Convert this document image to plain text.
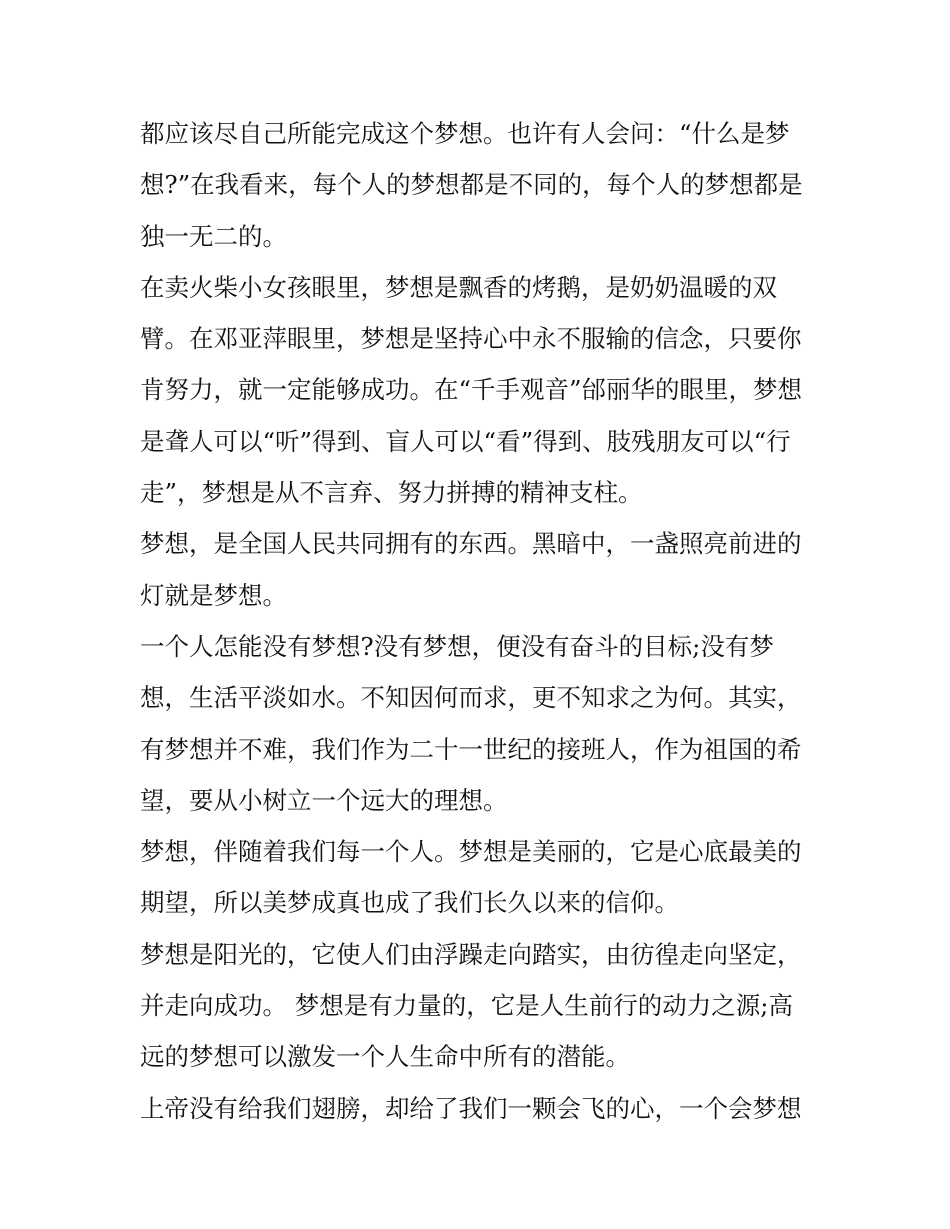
都应该尽自己所能完成这个梦想。也许有人会问：“什么是梦
想?”在我看来，每个人的梦想都是不同的，每个人的梦想都是
独一无二的。

在卖火柴小女孩眼里，梦想是飘香的烤鹅，是奶奶温暖的双
臂。在邓亚萍眼里，梦想是坚持心中永不服输的信念，只要你
肯努力，就一定能够成功。在“千手观音”邰丽华的眼里，梦想
是聋人可以“听”得到、盲人可以“看”得到、肢残朋友可以“行
走”，梦想是从不言弃、努力拼搏的精神支柱。

梦想，是全国人民共同拥有的东西。黑暗中，一盏照亮前进的
灯就是梦想。

一个人怎能没有梦想?没有梦想，便没有奋斗的目标;没有梦
想，生活平淡如水。不知因何而求，更不知求之为何。其实，
有梦想并不难，我们作为二十一世纪的接班人，作为祖国的希
望，要从小树立一个远大的理想。

梦想，伴随着我们每一个人。梦想是美丽的，它是心底最美的
期望，所以美梦成真也成了我们长久以来的信仰。

梦想是阳光的，它使人们由浮躁走向踏实，由彷徨走向坚定，
并走向成功。 梦想是有力量的，它是人生前行的动力之源;高
远的梦想可以激发一个人生命中所有的潜能。

上帝没有给我们翅膀，却给了我们一颗会飞的心，一个会梦想
